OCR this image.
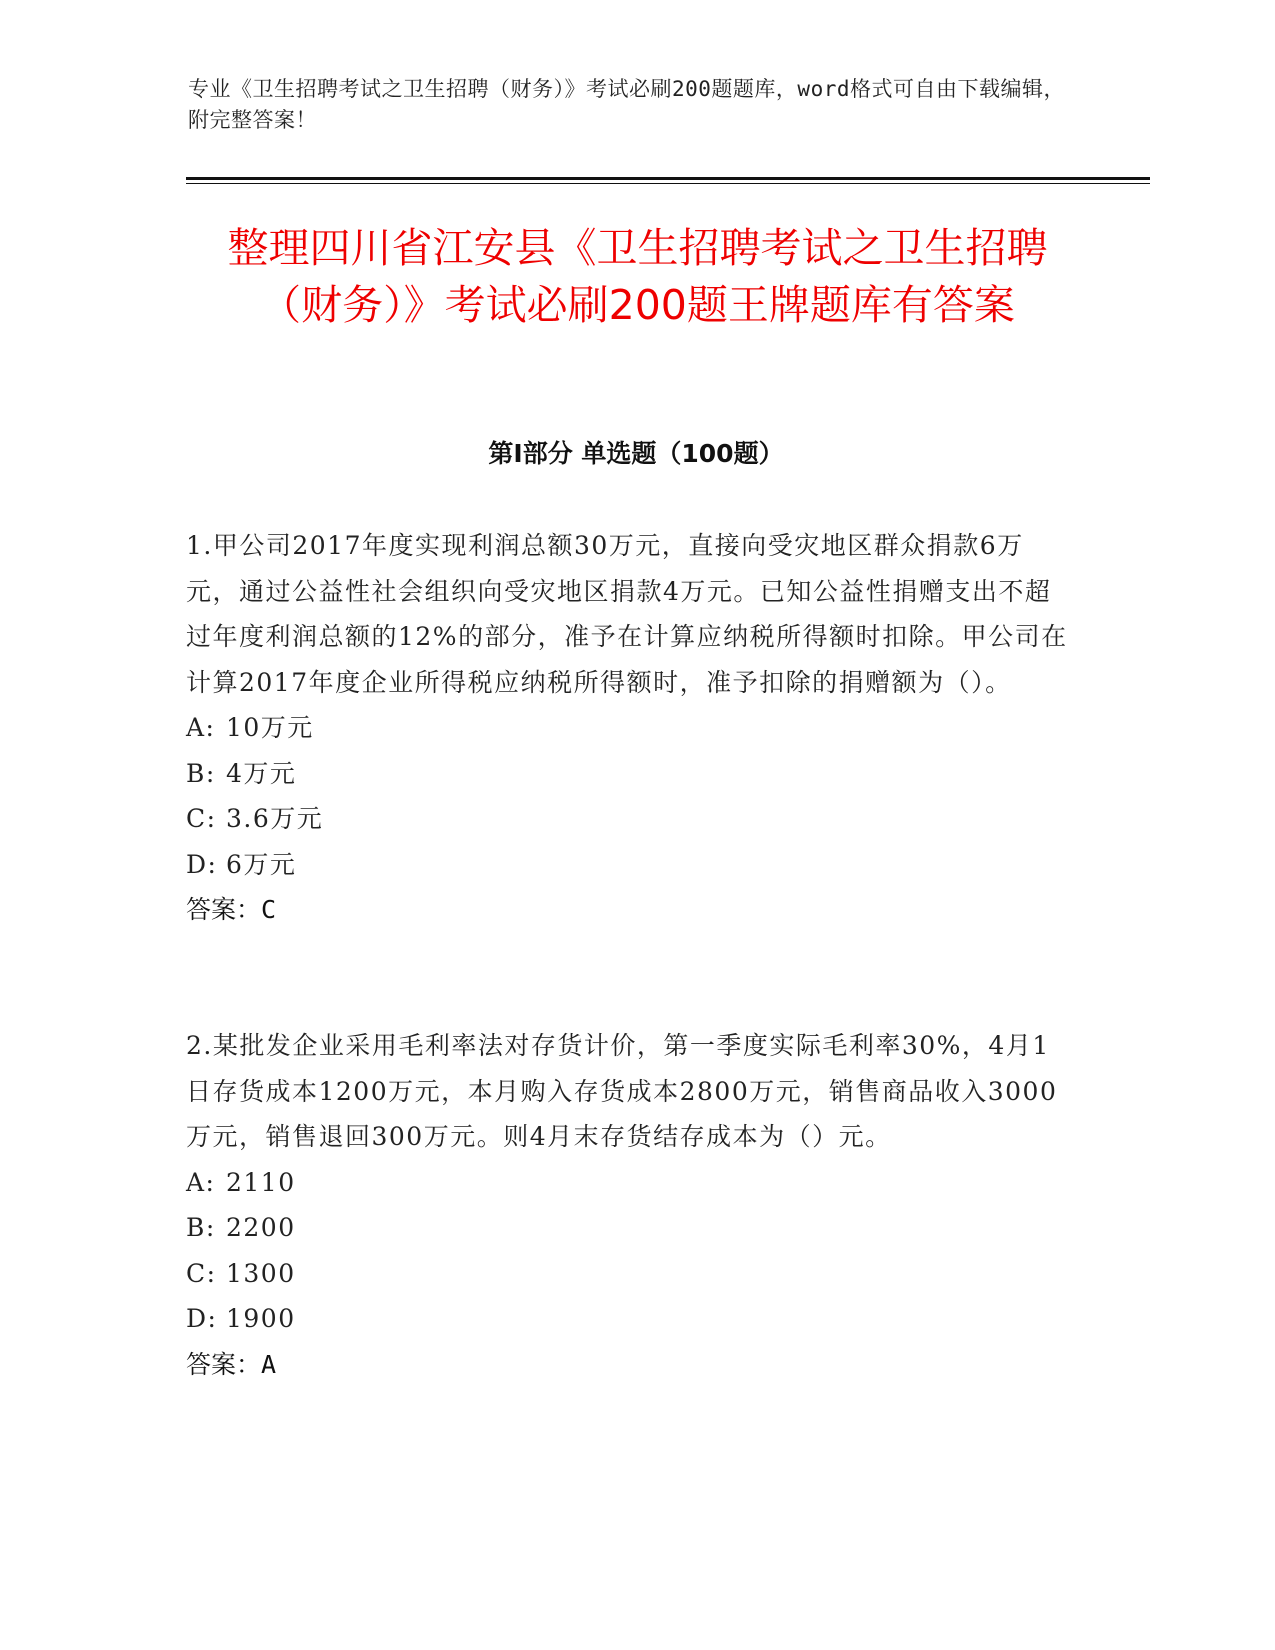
专业《卫生招聘考试之卫生招聘（财务）》考试必刷200题题库，word格式可自由下载编辑，附完整答案！
整理四川省江安县《卫生招聘考试之卫生招聘（财务）》考试必刷200题王牌题库有答案
第I部分 单选题（100题）

1.甲公司2017年度实现利润总额30万元，直接向受灾地区群众捐款6万元，通过公益性社会组织向受灾地区捐款4万元。已知公益性捐赠支出不超过年度利润总额的12%的部分，准予在计算应纳税所得额时扣除。甲公司在计算2017年度企业所得税应纳税所得额时，准予扣除的捐赠额为（）。

A: 10万元

B: 4万元

C: 3.6万元

D: 6万元

答案：C

2.某批发企业采用毛利率法对存货计价，第一季度实际毛利率30%，4月1日存货成本1200万元，本月购入存货成本2800万元，销售商品收入3000万元，销售退回300万元。则4月末存货结存成本为（）元。

A: 2110

B: 2200

C: 1300

D: 1900

答案：A
